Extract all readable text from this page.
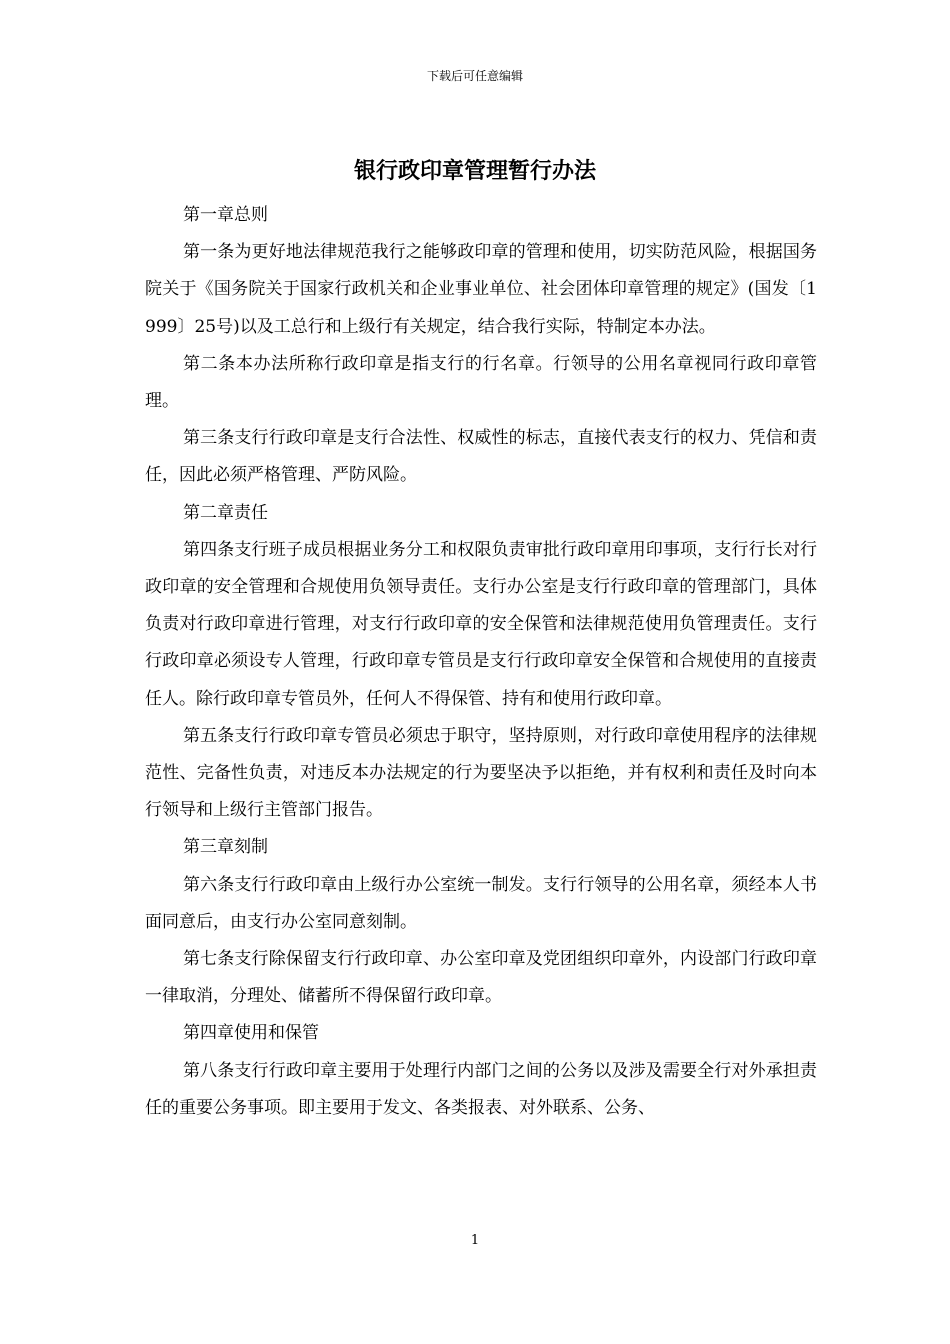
下载后可任意编辑
银行政印章管理暂行办法

第一章总则

第一条为更好地法律规范我行之能够政印章的管理和使用，切实防范风险，根据国务院关于《国务院关于国家行政机关和企业事业单位、社会团体印章管理的规定》(国发〔1999〕25号)以及工总行和上级行有关规定，结合我行实际，特制定本办法。

第二条本办法所称行政印章是指支行的行名章。行领导的公用名章视同行政印章管理。

第三条支行行政印章是支行合法性、权威性的标志，直接代表支行的权力、凭信和责任，因此必须严格管理、严防风险。

第二章责任

第四条支行班子成员根据业务分工和权限负责审批行政印章用印事项，支行行长对行政印章的安全管理和合规使用负领导责任。支行办公室是支行行政印章的管理部门，具体负责对行政印章进行管理，对支行行政印章的安全保管和法律规范使用负管理责任。支行行政印章必须设专人管理，行政印章专管员是支行行政印章安全保管和合规使用的直接责任人。除行政印章专管员外，任何人不得保管、持有和使用行政印章。

第五条支行行政印章专管员必须忠于职守，坚持原则，对行政印章使用程序的法律规范性、完备性负责，对违反本办法规定的行为要坚决予以拒绝，并有权利和责任及时向本行领导和上级行主管部门报告。

第三章刻制

第六条支行行政印章由上级行办公室统一制发。支行行领导的公用名章，须经本人书面同意后，由支行办公室同意刻制。

第七条支行除保留支行行政印章、办公室印章及党团组织印章外，内设部门行政印章一律取消，分理处、储蓄所不得保留行政印章。

第四章使用和保管

第八条支行行政印章主要用于处理行内部门之间的公务以及涉及需要全行对外承担责任的重要公务事项。即主要用于发文、各类报表、对外联系、公务、

1
